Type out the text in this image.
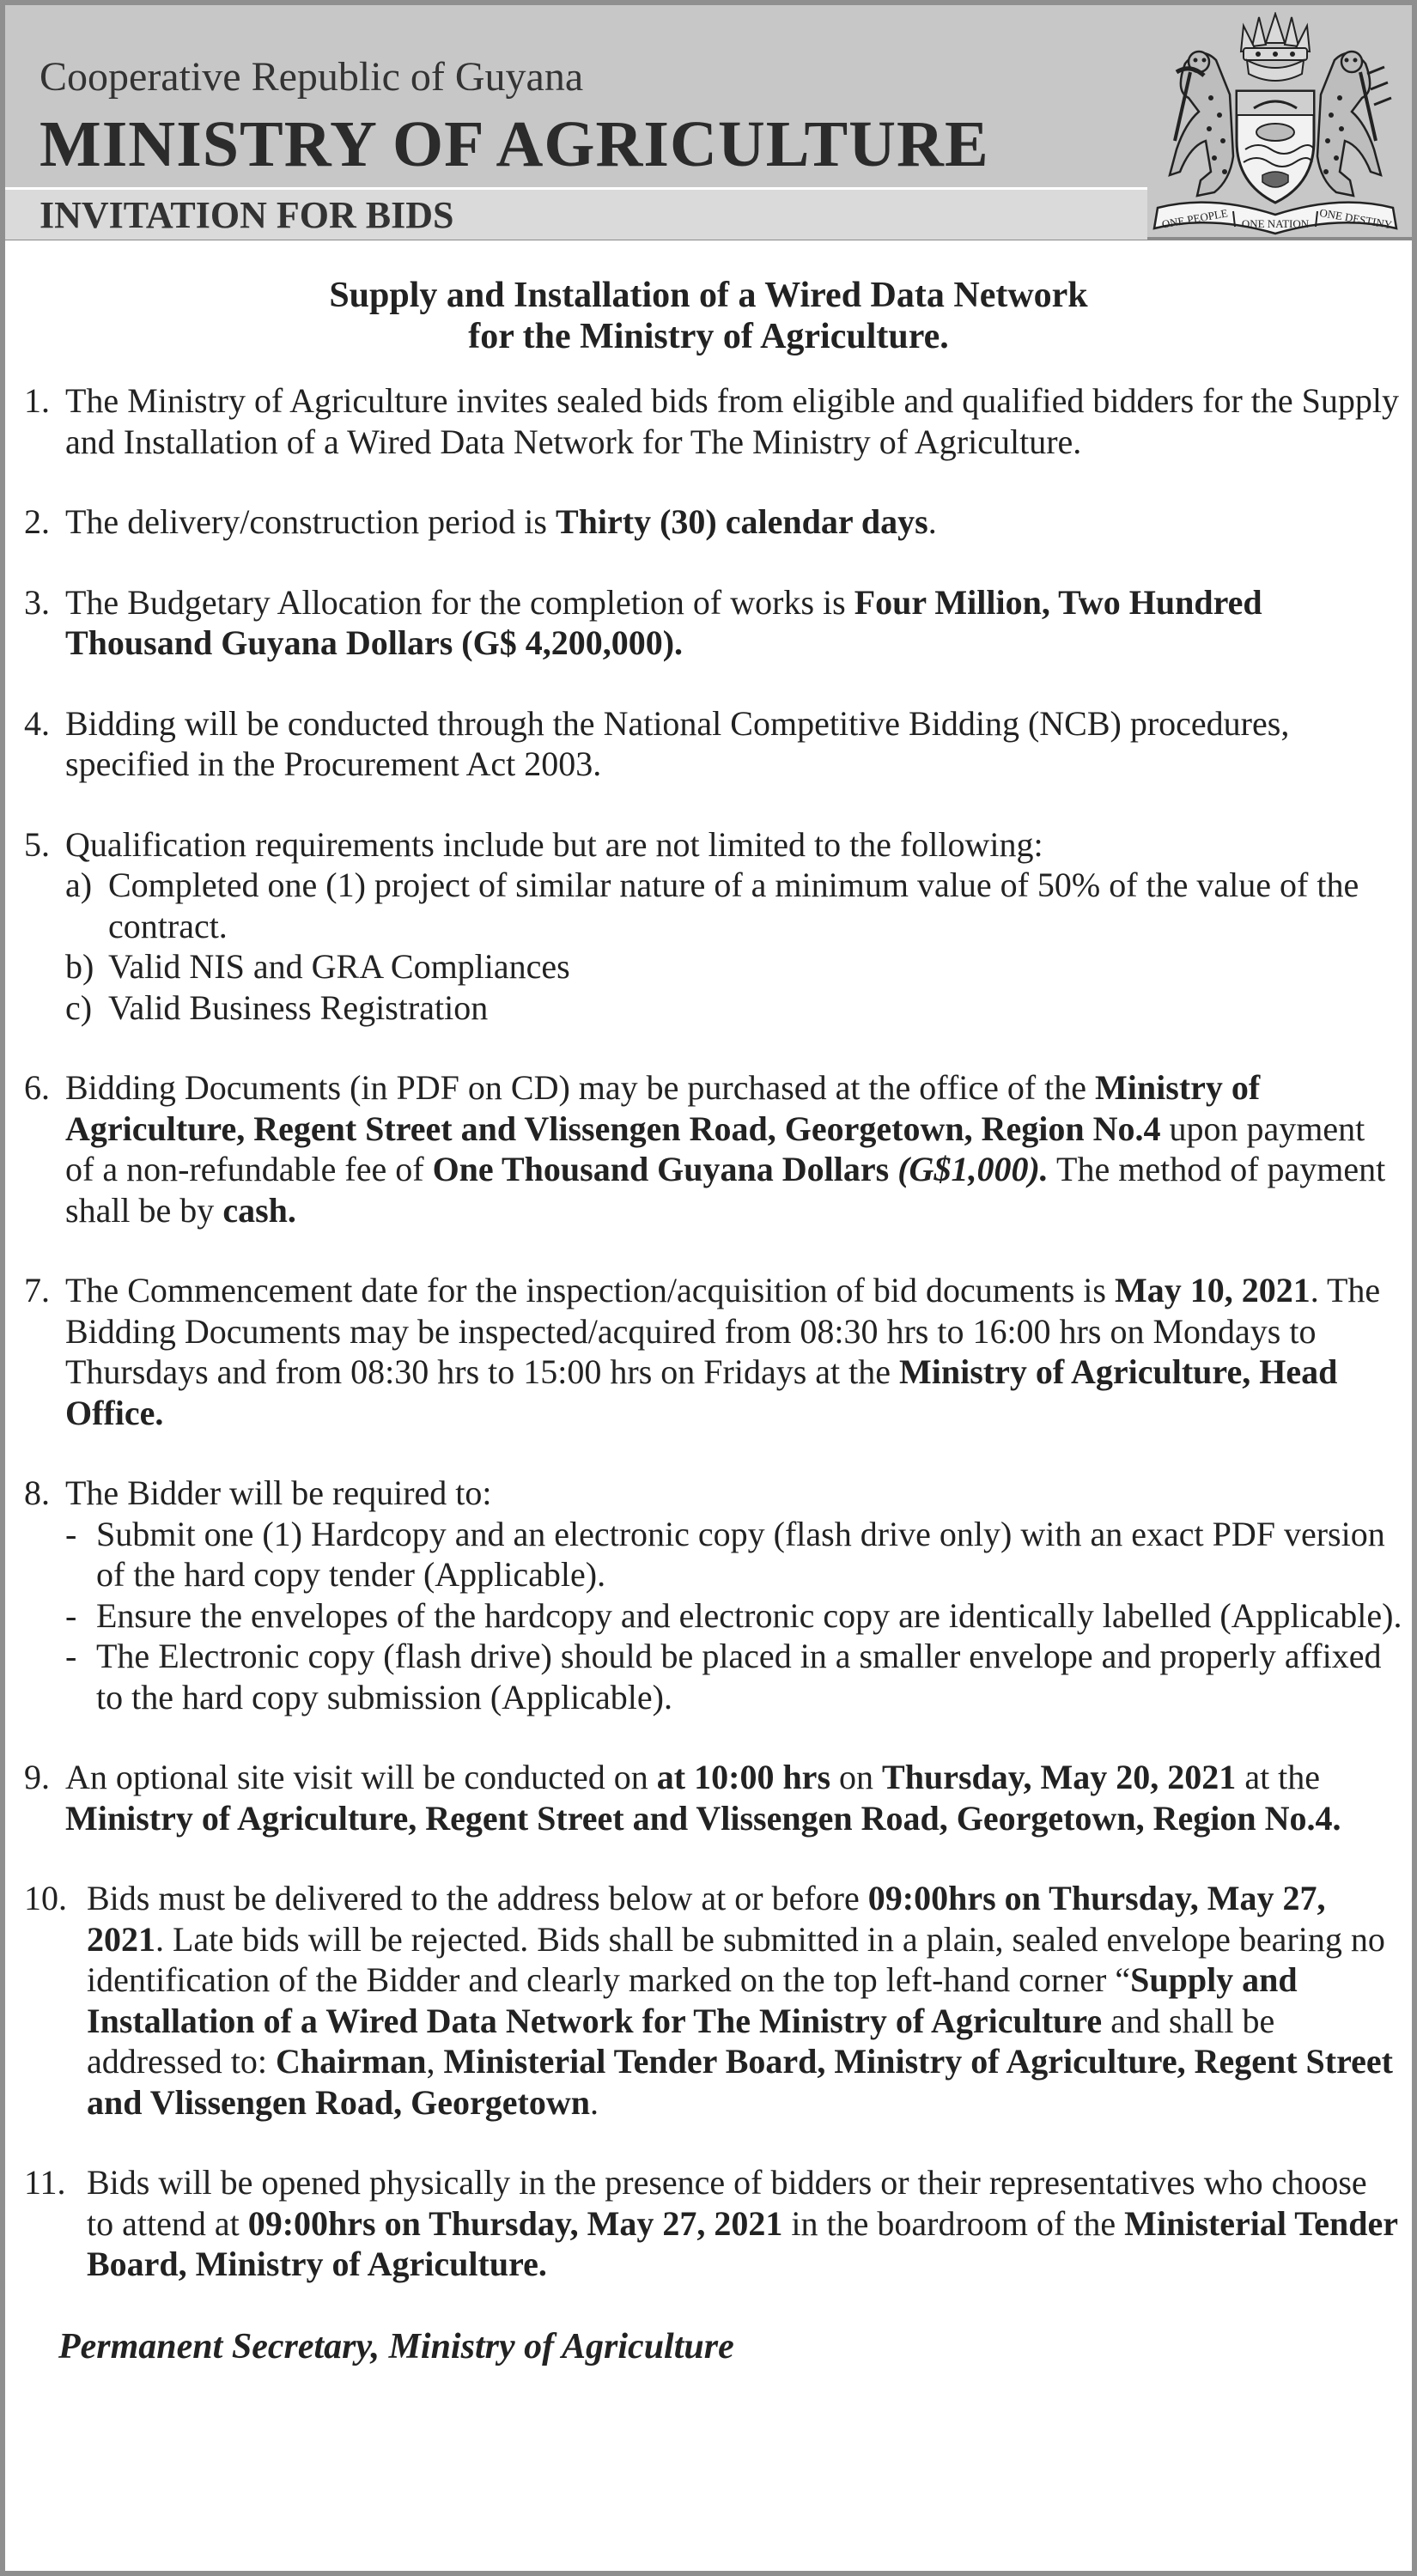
Cooperative Republic of Guyana
MINISTRY OF AGRICULTURE
INVITATION FOR BIDS	ONE PEOPLE ONE NATION ONE DESTINY
Supply and Installation of a Wired Data Network
for the Ministry of Agriculture.
1. The Ministry of Agriculture invites sealed bids from eligible and qualified bidders for the Supply and Installation of a Wired Data Network for The Ministry of Agriculture.
2. The delivery/construction period is Thirty (30) calendar days.
3. The Budgetary Allocation for the completion of works is Four Million, Two Hundred Thousand Guyana Dollars (G$ 4,200,000).
4. Bidding will be conducted through the National Competitive Bidding (NCB) procedures, specified in the Procurement Act 2003.
5. Qualification requirements include but are not limited to the following:
a) Completed one (1) project of similar nature of a minimum value of 50% of the value of the contract.
b) Valid NIS and GRA Compliances
c) Valid Business Registration
6. Bidding Documents (in PDF on CD) may be purchased at the office of the Ministry of Agriculture, Regent Street and Vlissengen Road, Georgetown, Region No.4 upon payment of a non-refundable fee of One Thousand Guyana Dollars (G$1,000). The method of payment shall be by cash.
7. The Commencement date for the inspection/acquisition of bid documents is May 10, 2021. The Bidding Documents may be inspected/acquired from 08:30 hrs to 16:00 hrs on Mondays to Thursdays and from 08:30 hrs to 15:00 hrs on Fridays at the Ministry of Agriculture, Head Office.
8. The Bidder will be required to:
- Submit one (1) Hardcopy and an electronic copy (flash drive only) with an exact PDF version of the hard copy tender (Applicable).
- Ensure the envelopes of the hardcopy and electronic copy are identically labelled (Applicable).
- The Electronic copy (flash drive) should be placed in a smaller envelope and properly affixed to the hard copy submission (Applicable).
9. An optional site visit will be conducted on at 10:00 hrs on Thursday, May 20, 2021 at the Ministry of Agriculture, Regent Street and Vlissengen Road, Georgetown, Region No.4.
10. Bids must be delivered to the address below at or before 09:00hrs on Thursday, May 27, 2021. Late bids will be rejected. Bids shall be submitted in a plain, sealed envelope bearing no identification of the Bidder and clearly marked on the top left-hand corner “Supply and Installation of a Wired Data Network for The Ministry of Agriculture and shall be addressed to: Chairman, Ministerial Tender Board, Ministry of Agriculture, Regent Street and Vlissengen Road, Georgetown.
11. Bids will be opened physically in the presence of bidders or their representatives who choose to attend at 09:00hrs on Thursday, May 27, 2021 in the boardroom of the Ministerial Tender Board, Ministry of Agriculture.
Permanent Secretary, Ministry of Agriculture
